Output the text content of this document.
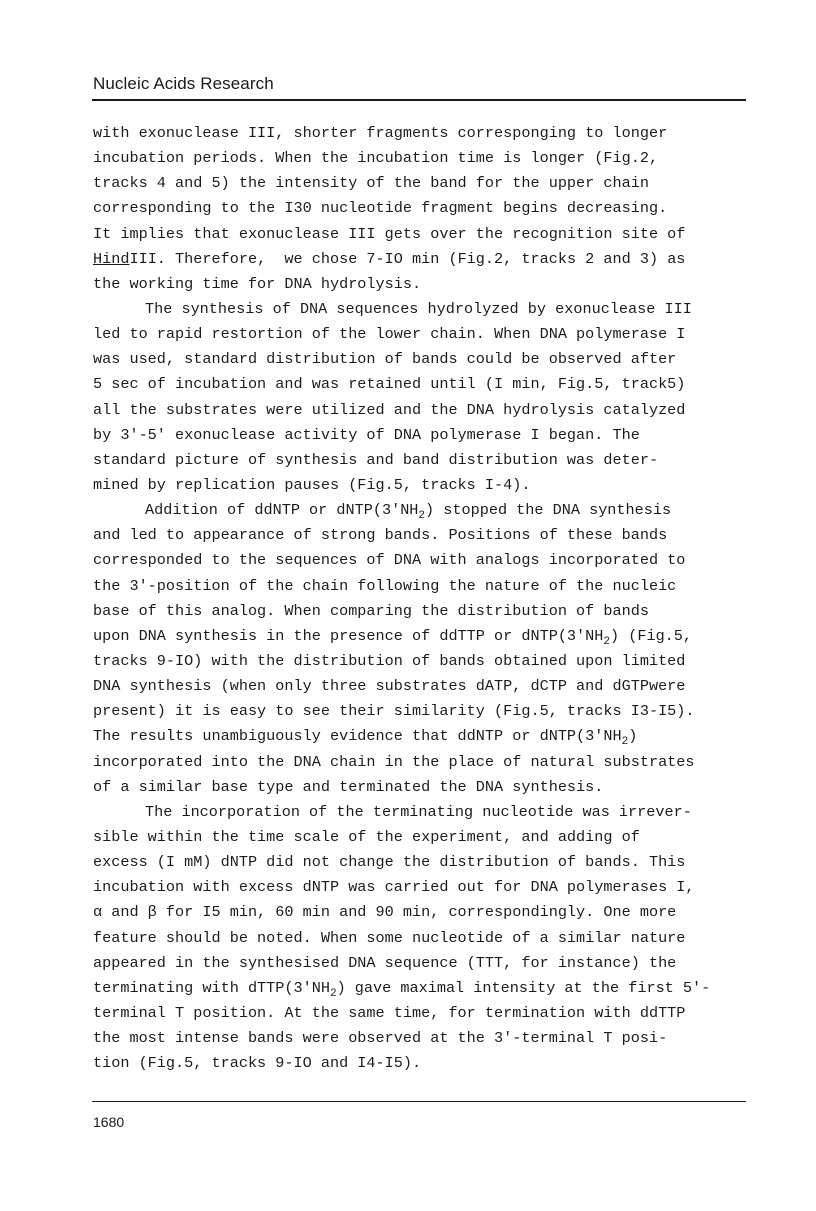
Nucleic Acids Research
with exonuclease III, shorter fragments corresponging to longer
incubation periods. When the incubation time is longer (Fig.2,
tracks 4 and 5) the intensity of the band for the upper chain
corresponding to the I30 nucleotide fragment begins decreasing.
It implies that exonuclease III gets over the recognition site of
HindIII. Therefore,  we chose 7-IO min (Fig.2, tracks 2 and 3) as
the working time for DNA hydrolysis.
The synthesis of DNA sequences hydrolyzed by exonuclease III
led to rapid restortion of the lower chain. When DNA polymerase I
was used, standard distribution of bands could be observed after
5 sec of incubation and was retained until (I min, Fig.5, track5)
all the substrates were utilized and the DNA hydrolysis catalyzed
by 3'-5' exonuclease activity of DNA polymerase I began. The
standard picture of synthesis and band distribution was deter-
mined by replication pauses (Fig.5, tracks I-4).
Addition of ddNTP or $dNTP(3'NH_2)$ stopped the DNA synthesis
and led to appearance of strong bands. Positions of these bands
corresponded to the sequences of DNA with analogs incorporated to
the 3'-position of the chain following the nature of the nucleic
base of this analog. When comparing the distribution of bands
upon DNA synthesis in the presence of ddTTP or $dNTP(3'NH_2)$ (Fig.5,
tracks 9-IO) with the distribution of bands obtained upon limited
DNA synthesis (when only three substrates dATP, dCTP and dGTPwere
present) it is easy to see their similarity (Fig.5, tracks I3-I5).
The results unambiguously evidence that ddNTP or $dNTP(3'NH_2)$
incorporated into the DNA chain in the place of natural substrates
of a similar base type and terminated the DNA synthesis.
The incorporation of the terminating nucleotide was irrever-
sible within the time scale of the experiment, and adding of
excess (I mM) dNTP did not change the distribution of bands. This
incubation with excess dNTP was carried out for DNA polymerases I,
α and β for I5 min, 60 min and 90 min, correspondingly. One more
feature should be noted. When some nucleotide of a similar nature
appeared in the synthesised DNA sequence (TTT, for instance) the
terminating with $dTTP(3'NH_2)$ gave maximal intensity at the first 5'-
terminal T position. At the same time, for termination with ddTTP
the most intense bands were observed at the 3'-terminal T posi-
tion (Fig.5, tracks 9-IO and I4-I5).
1680
